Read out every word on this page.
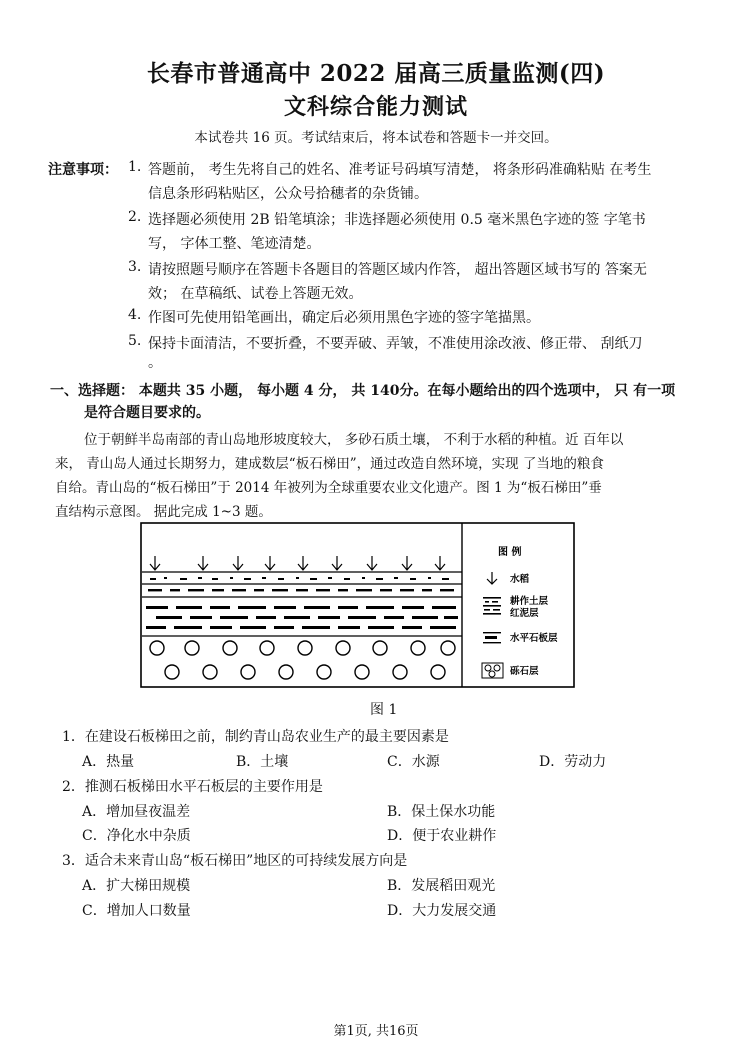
长春市普通高中 2022 届高三质量监测(四)
文科综合能力测试
本试卷共 16 页。考试结束后，将本试卷和答题卡一并交回。
注意事项： 1. 答题前， 考生先将自己的姓名、准考证号码填写清楚， 将条形码准确粘贴 在考生
信息条形码粘贴区，公众号拾穗者的杂货铺。
2. 选择题必须使用 2B 铅笔填涂；非选择题必须使用 0.5 毫米黑色字迹的签 字笔书
写， 字体工整、笔迹清楚。
3. 请按照题号顺序在答题卡各题目的答题区域内作答， 超出答题区域书写的 答案无
效； 在草稿纸、试卷上答题无效。
4. 作图可先使用铅笔画出，确定后必须用黑色字迹的签字笔描黑。
5. 保持卡面清洁，不要折叠，不要弄破、弄皱，不准使用涂改液、修正带、 刮纸刀
。
一、选择题： 本题共 35 小题， 每小题 4 分， 共 140分。在每小题给出的四个选项中， 只 有一项
是符合题目要求的。
位于朝鲜半岛南部的青山岛地形坡度较大， 多砂石质土壤， 不利于水稻的种植。近 百年以
来， 青山岛人通过长期努力，建成数层“板石梯田”，通过改造自然环境，实现 了当地的粮食
自给。青山岛的“板石梯田”于 2014 年被列为全球重要农业文化遗产。图 1 为“板石梯田”垂
直结构示意图。 据此完成 1~3 题。
图 例
水稻
耕作土层
红泥层
水平石板层
砾石层
图 1
1．在建设石板梯田之前，制约青山岛农业生产的最主要因素是
A．热量	B．土壤	C．水源	D．劳动力
2．推测石板梯田水平石板层的主要作用是
A．增加昼夜温差	B．保土保水功能
C．净化水中杂质	D．便于农业耕作
3．适合未来青山岛“板石梯田”地区的可持续发展方向是
A．扩大梯田规模	B．发展稻田观光
C．增加人口数量	D．大力发展交通
第1页, 共16页
